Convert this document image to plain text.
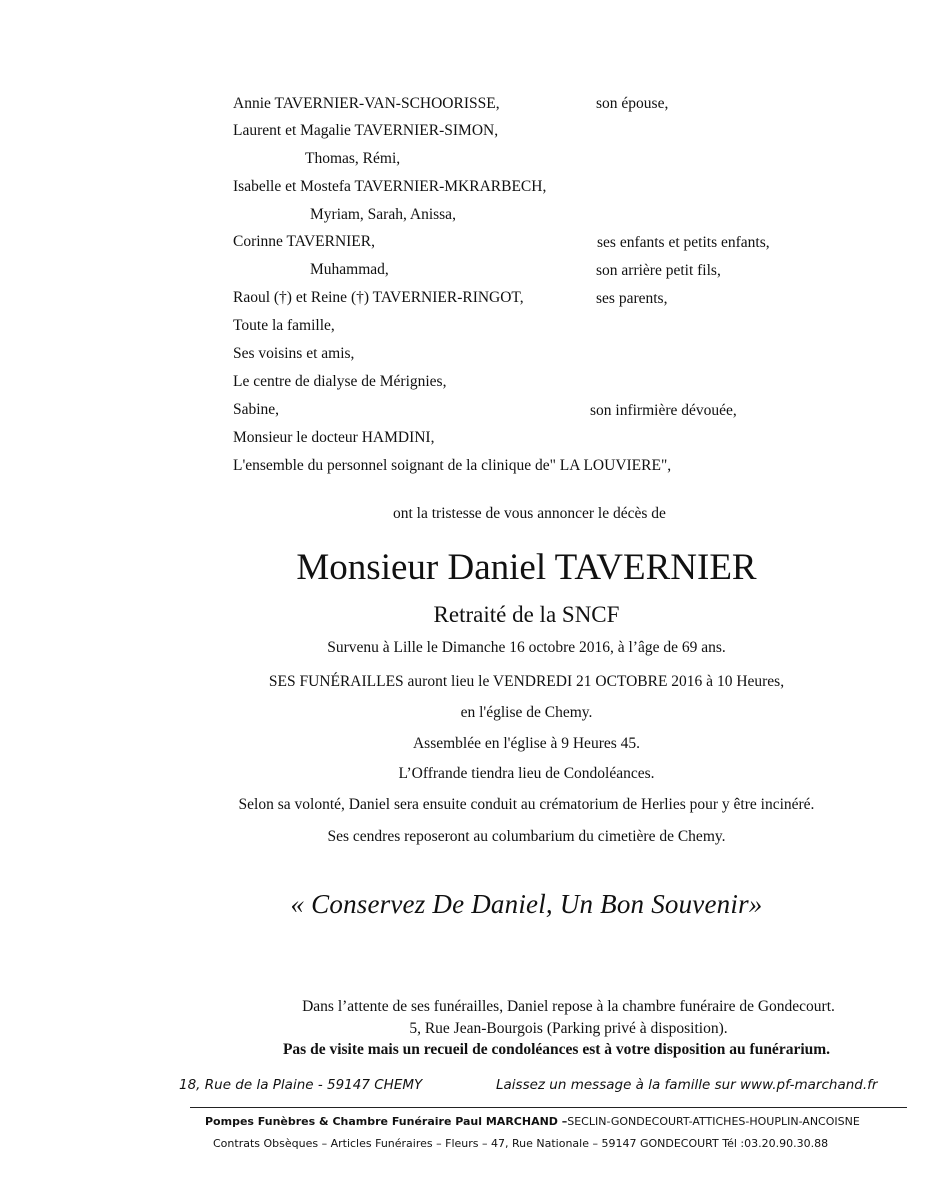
Annie TAVERNIER-VAN-SCHOORISSE,	son épouse,
Laurent et Magalie TAVERNIER-SIMON,
Thomas, Rémi,
Isabelle et Mostefa TAVERNIER-MKRARBECH,
Myriam, Sarah, Anissa,
Corinne TAVERNIER,	ses enfants et petits enfants,
Muhammad,	son arrière petit fils,
Raoul (†) et Reine (†) TAVERNIER-RINGOT,	ses parents,
Toute la famille,
Ses voisins et amis,
Le centre de dialyse de Mérignies,
Sabine,	son infirmière dévouée,
Monsieur le docteur HAMDINI,
L'ensemble du personnel soignant de la clinique de" LA LOUVIERE",
ont la tristesse de vous annoncer le décès de
Monsieur Daniel TAVERNIER
Retraité de la SNCF
Survenu à Lille le Dimanche 16 octobre 2016, à l’âge de 69 ans.
SES FUNÉRAILLES auront lieu le VENDREDI 21 OCTOBRE 2016 à 10 Heures,
en l'église de Chemy.
Assemblée en l'église à 9 Heures 45.
L’Offrande tiendra lieu de Condoléances.
Selon sa volonté, Daniel sera ensuite conduit au crématorium de Herlies pour y être incinéré.
Ses cendres reposeront au columbarium du cimetière de Chemy.
« Conservez De Daniel, Un Bon Souvenir»
Dans l’attente de ses funérailles, Daniel repose à la chambre funéraire de Gondecourt.
5, Rue Jean-Bourgois (Parking privé à disposition).
Pas de visite mais un recueil de condoléances est à votre disposition au funérarium.
18, Rue de la Plaine - 59147 CHEMY	Laissez un message à la famille sur www.pf-marchand.fr
Pompes Funèbres & Chambre Funéraire Paul MARCHAND –SECLIN-GONDECOURT-ATTICHES-HOUPLIN-ANCOISNE
Contrats Obsèques – Articles Funéraires – Fleurs – 47, Rue Nationale – 59147 GONDECOURT Tél :03.20.90.30.88
